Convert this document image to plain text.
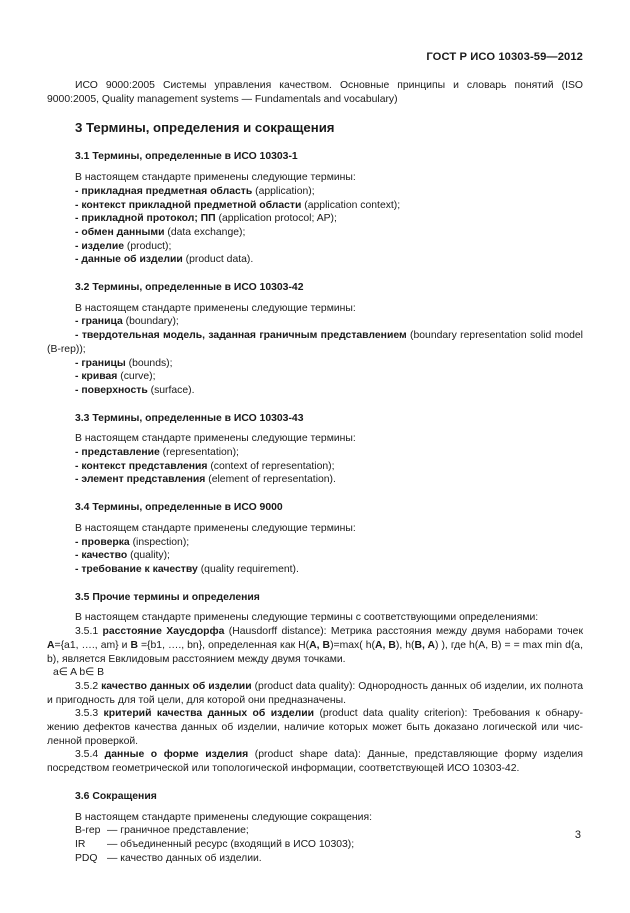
ГОСТ Р ИСО 10303-59—2012

ИСО 9000:2005 Системы управления качеством. Основные принципы и словарь понятий (ISO 9000:2005, Quality management systems — Fundamentals and vocabulary)

3 Термины, определения и сокращения
3.1 Термины, определенные в ИСО 10303-1

В настоящем стандарте применены следующие термины:

- прикладная предметная область (application);

- контекст прикладной предметной области (application context);

- прикладной протокол; ПП (application protocol; AP);

- обмен данными (data exchange);

- изделие (product);

- данные об изделии (product data).

3.2 Термины, определенные в ИСО 10303-42

В настоящем стандарте применены следующие термины:

- граница (boundary);

- твердотельная модель, заданная граничным представлением (boundary representation solid model (B-rep));

- границы (bounds);

- кривая (curve);

- поверхность (surface).

3.3 Термины, определенные в ИСО 10303-43

В настоящем стандарте применены следующие термины:

- представление (representation);

- контекст представления (context of representation);

- элемент представления (element of representation).

3.4 Термины, определенные в ИСО 9000

В настоящем стандарте применены следующие термины:

- проверка (inspection);

- качество (quality);

- требование к качеству (quality requirement).

3.5 Прочие термины и определения

В настоящем стандарте применены следующие термины с соответствующими определениями:

3.5.1 расстояние Хаусдорфа (Hausdorff distance): Метрика расстояния между двумя наборами точек A={a1, …., am} и B ={b1, …., bn}, определенная как H(A, B)=max( h(A, B), h(B, A) ), где h(A, B) = = max min d(a, b), является Евклидовым расстоянием между двумя точками.

a∈ A b∈ B

3.5.2 качество данных об изделии (product data quality): Однородность данных об изделии, их полнота и пригодность для той цели, для которой они предназначены.

3.5.3 критерий качества данных об изделии (product data quality criterion): Требования к обнару-жению дефектов качества данных об изделии, наличие которых может быть доказано логической или чис-ленной проверкой.

3.5.4 данные о форме изделия (product shape data): Данные, представляющие форму изделия посредством геометрической или топологической информации, соответствующей ИСО 10303-42.

3.6 Сокращения

В настоящем стандарте применены следующие сокращения:

B-rep — граничное представление;
IR	— объединенный ресурс (входящий в ИСО 10303);
PDQ — качество данных об изделии.
3
